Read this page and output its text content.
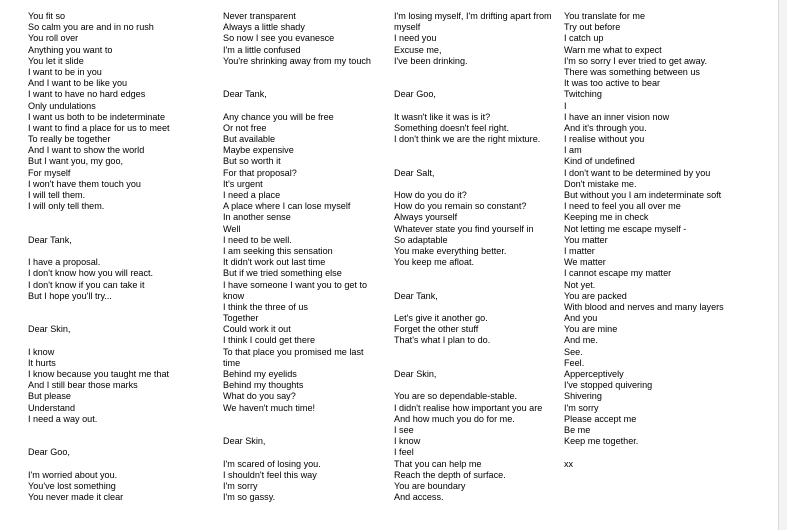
You fit so
So calm you are and in no rush
You roll over
Anything you want to
You let it slide
I want to be in you
And I want to be like you
I want to have no hard edges
Only undulations
I want us both to be indeterminate
I want to find a place for us to meet
To really be together
And I want to show the world
But I want you, my goo,
For myself
I won't have them touch you
I will tell them.
I will only tell them.
Dear Tank,
I have a proposal.
I don't know how you will react.
I don't know if you can take it
But I hope you'll try...
Dear Skin,
I know
It hurts
I know because you taught me that
And I still bear those marks
But please
Understand
I need a way out.
Dear Goo,
I'm worried about you.
You've lost something
You never made it clear
Never transparent
Always a little shady
So now I see you evanesce
I'm a little confused
You're shrinking away from my touch
Dear Tank,
Any chance you will be free
Or not free
But available
Maybe expensive
But so worth it
For that proposal?
It's urgent
I need a place
A place where I can lose myself
In another sense
Well
I need to be well.
I am seeking this sensation
It didn't work out last time
But if we tried something else
I have someone I want you to get to
know
I think the three of us
Together
Could work it out
I think I could get there
To that place you promised me last
time
Behind my eyelids
Behind my thoughts
What do you say?
We haven't much time!
Dear Skin,
I'm scared of losing you.
I shouldn't feel this way
I'm sorry
I'm so gassy.
I'm losing myself, I'm drifting apart from
myself
I need you
Excuse me,
I've been drinking.
Dear Goo,
It wasn't like it was is it?
Something doesn't feel right.
I don't think we are the right mixture.
Dear Salt,
How do you do it?
How do you remain so constant?
Always yourself
Whatever state you find yourself in
So adaptable
You make everything better.
You keep me afloat.
Dear Tank,
Let's give it another go.
Forget the other stuff
That's what I plan to do.
Dear Skin,
You are so dependable-stable.
I didn't realise how important you are
And how much you do for me.
I see
I know
I feel
That you can help me
Reach the depth of surface.
You are boundary
And access.
You translate for me
Try out before
I catch up
Warn me what to expect
I'm so sorry I ever tried to get away.
There was something between us
It was too active to bear
Twitching
I
I have an inner vision now
And it's through you.
I realise without you
I am
Kind of undefined
I don't want to be determined by you
Don't mistake me.
But without you I am indeterminate soft
I need to feel you all over me
Keeping me in check
Not letting me escape myself -
You matter
I matter
We matter
I cannot escape my matter
Not yet.
You are packed
With blood and nerves and many layers
And you
You are mine
And me.
See.
Feel.
Apperceptively
I've stopped quivering
Shivering
I'm sorry
Please accept me
Be me
Keep me together.
xx
